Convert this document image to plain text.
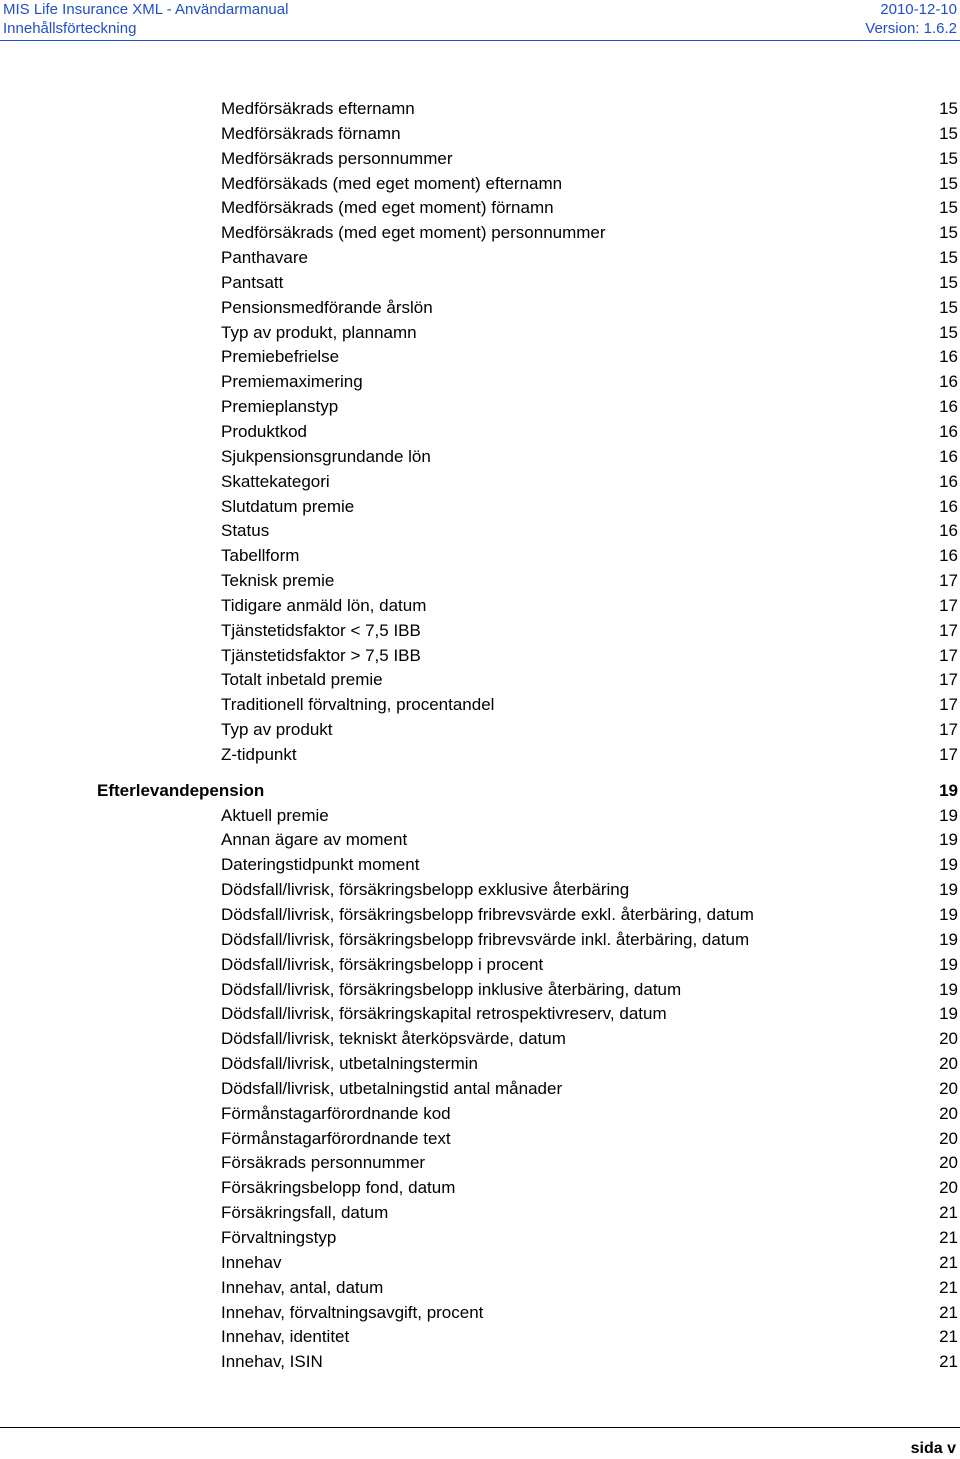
MIS Life Insurance XML - Användarmanual	2010-12-10
Innehållsförteckning	Version: 1.6.2
Medförsäkrads efternamn	15
Medförsäkrads förnamn	15
Medförsäkrads personnummer	15
Medförsäkads (med eget moment) efternamn	15
Medförsäkrads (med eget moment) förnamn	15
Medförsäkrads (med eget moment) personnummer	15
Panthavare	15
Pantsatt	15
Pensionsmedförande årslön	15
Typ av produkt, plannamn	15
Premiebefrielse	16
Premiemaximering	16
Premieplanstyp	16
Produktkod	16
Sjukpensionsgrundande lön	16
Skattekategori	16
Slutdatum premie	16
Status	16
Tabellform	16
Teknisk premie	17
Tidigare anmäld lön, datum	17
Tjänstetidsfaktor < 7,5 IBB	17
Tjänstetidsfaktor > 7,5 IBB	17
Totalt inbetald premie	17
Traditionell förvaltning, procentandel	17
Typ av produkt	17
Z-tidpunkt	17
Efterlevandepension	19
Aktuell premie	19
Annan ägare av moment	19
Dateringstidpunkt moment	19
Dödsfall/livrisk, försäkringsbelopp exklusive återbäring	19
Dödsfall/livrisk, försäkringsbelopp fribrevsvärde exkl. återbäring, datum	19
Dödsfall/livrisk, försäkringsbelopp fribrevsvärde inkl. återbäring, datum	19
Dödsfall/livrisk, försäkringsbelopp i procent	19
Dödsfall/livrisk, försäkringsbelopp inklusive återbäring, datum	19
Dödsfall/livrisk, försäkringskapital retrospektivreserv, datum	19
Dödsfall/livrisk, tekniskt återköpsvärde, datum	20
Dödsfall/livrisk, utbetalningstermin	20
Dödsfall/livrisk, utbetalningstid antal månader	20
Förmånstagarförordnande kod	20
Förmånstagarförordnande text	20
Försäkrads personnummer	20
Försäkringsbelopp fond, datum	20
Försäkringsfall, datum	21
Förvaltningstyp	21
Innehav	21
Innehav, antal, datum	21
Innehav, förvaltningsavgift, procent	21
Innehav, identitet	21
Innehav, ISIN	21
sida v
